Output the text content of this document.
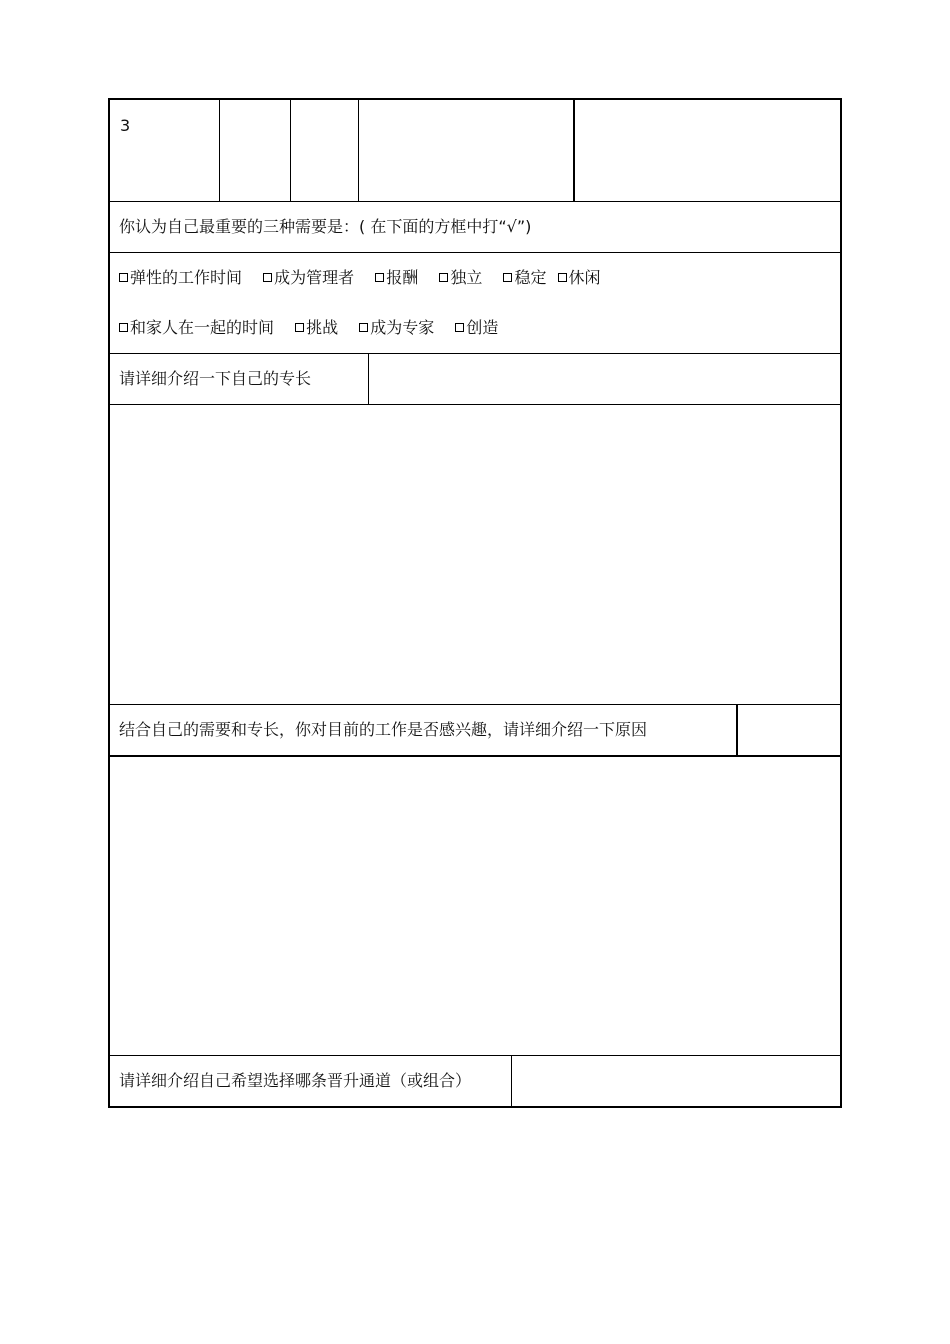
3
你认为自己最重要的三种需要是：( 在下面的方框中打“√”)
弹性的工作时间 成为管理者 报酬 独立 稳定 休闲
和家人在一起的时间 挑战 成为专家 创造
请详细介绍一下自己的专长
结合自己的需要和专长，你对目前的工作是否感兴趣，请详细介绍一下原因
请详细介绍自己希望选择哪条晋升通道（或组合）
